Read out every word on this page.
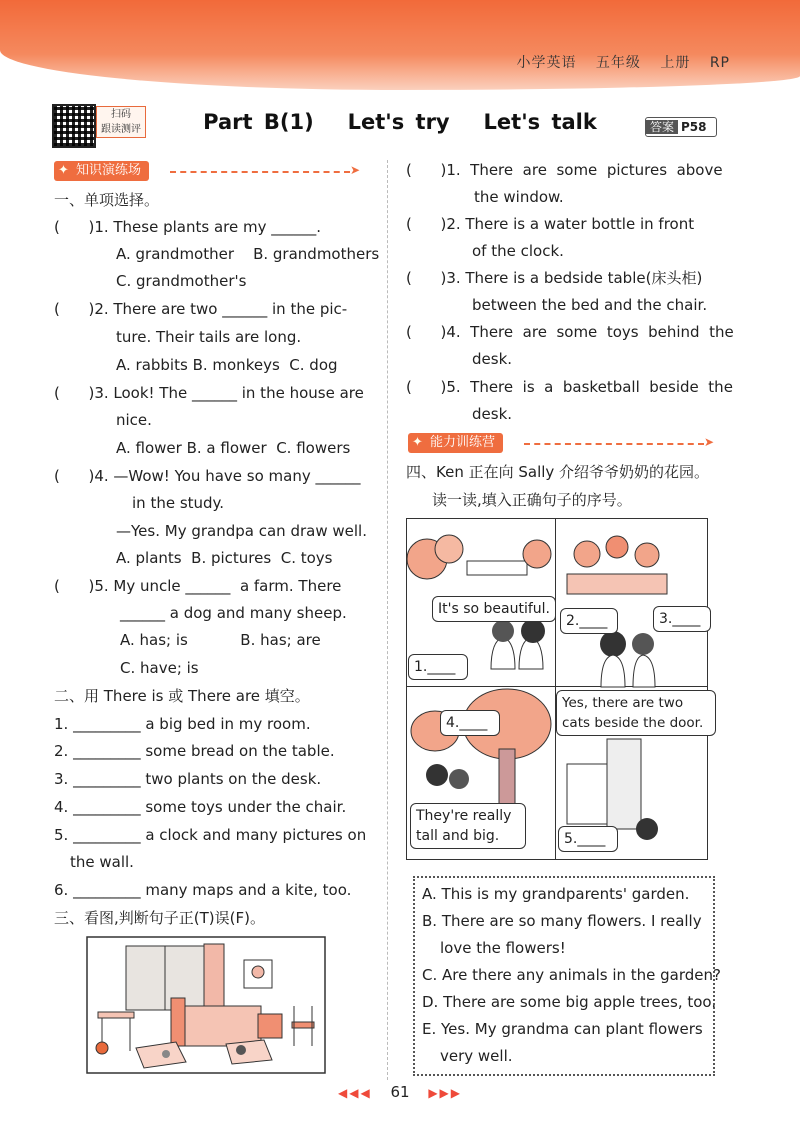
小学英语 五年级 上册 RP
扫码
跟读测评	Part B(1)   Let's try   Let's talk	答案 P58
✦ 知识演练场	➤
一、单项选择。
(      )1. These plants are my ______.
A. grandmother    B. grandmothers
C. grandmother's
(      )2. There are two ______ in the pic-
ture. Their tails are long.
A. rabbits B. monkeys  C. dog
(      )3. Look! The ______ in the house are
nice.
A. flower B. a flower  C. flowers
(      )4. —Wow! You have so many ______
in the study.
—Yes. My grandpa can draw well.
A. plants  B. pictures  C. toys
(      )5. My uncle ______  a farm. There
______ a dog and many sheep.
A. has; is           B. has; are
C. have; is
二、用 There is 或 There are 填空。
1. _________ a big bed in my room.
2. _________ some bread on the table.
3. _________ two plants on the desk.
4. _________ some toys under the chair.
5. _________ a clock and many pictures on
the wall.
6. _________ many maps and a kite, too.
三、看图,判断句子正(T)误(F)。
(      )1.  There  are  some  pictures  above
the window.
(      )2. There is a water bottle in front
of the clock.
(      )3. There is a bedside table(床头柜)
between the bed and the chair.
(      )4.  There  are  some  toys  behind  the
desk.
(      )5.  There  is  a  basketball  beside  the
desk.
✦ 能力训练营	➤
四、Ken 正在向 Sally 介绍爷爷奶奶的花园。
读一读,填入正确句子的序号。
It's so beautiful.
1.____
2.____	3.____
4.____
Yes, there are two
cats beside the door.
They're really
tall and big.	5.____
A. This is my grandparents' garden.
B. There are so many flowers. I really
love the flowers!
C. Are there any animals in the garden?
D. There are some big apple trees, too.
E. Yes. My grandma can plant flowers
very well.
◀◀◀ 61 ▶▶▶
